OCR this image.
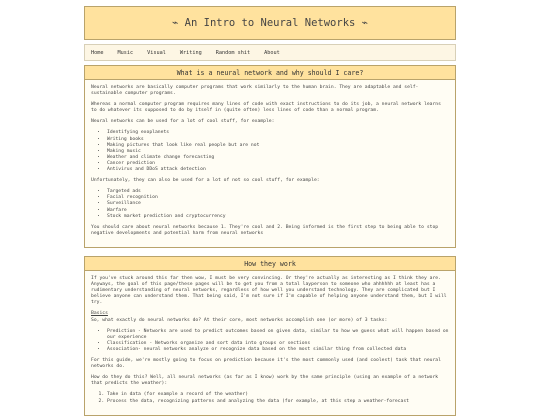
⌁ An Intro to Neural Networks ⌁
Home	Music	Visual	Writing	Random shit	About
What is a neural network and why should I care?

Neural networks are basically computer programs that work similarly to the human brain. They are adaptable and self-sustainable computer programs.

Whereas a normal computer program requires many lines of code with exact instructions to do its job, a neural network learns to do whatever its supposed to do by itself in (quite often) less lines of code than a normal program.

Neural networks can be used for a lot of cool stuff, for example:

• Identifying exoplanets
• Writing books
• Making pictures that look like real people but are not
• Making music
• Weather and climate change forecasting
• Cancer prediction
• Antivirus and DDoS attack detection

Unfortunately, they can also be used for a lot of not so cool stuff, for example:

• Targeted ads
• Facial recognition
• Surveillance
• Warfare
• Stock market prediction and cryptocurrency

You should care about neural networks because 1. They're cool and 2. Being informed is the first step to being able to stop negative developments and potential harm from neural networks

How they work

If you've stuck around this far then wow, I must be very convincing. Or they're actually as interesting as I think they are. Anyways, the goal of this page/these pages will be to get you from a total layperson to someone who ahhhhhh at least has a rudimentary understanding of neural networks, regardless of how well you understand technology. They are complicated but I believe anyone can understand them. That being said, I'm not sure if I'm capable of helping anyone understand them, but I will try.

Basics

So, what exactly do neural networks do? At their core, most networks accomplish one (or more) of 3 tasks:

• Prediction - Networks are used to predict outcomes based on given data, similar to how we guess what will happen based on our experience
• Classification - Networks organize and sort data into groups or sections
• Association- neural networks analyze or recognize data based on the most similar thing from collected data

For this guide, we're mostly going to focus on prediction because it's the most commonly used (and coolest) task that neural networks do.

How do they do this? Well, all neural networks (as far as I know) work by the same principle (using an example of a network that predicts the weather):

1. Take in data (for example a record of the weather)
2. Process the data, recognizing patterns and analyzing the data (for example, at this step a weather-forecast
